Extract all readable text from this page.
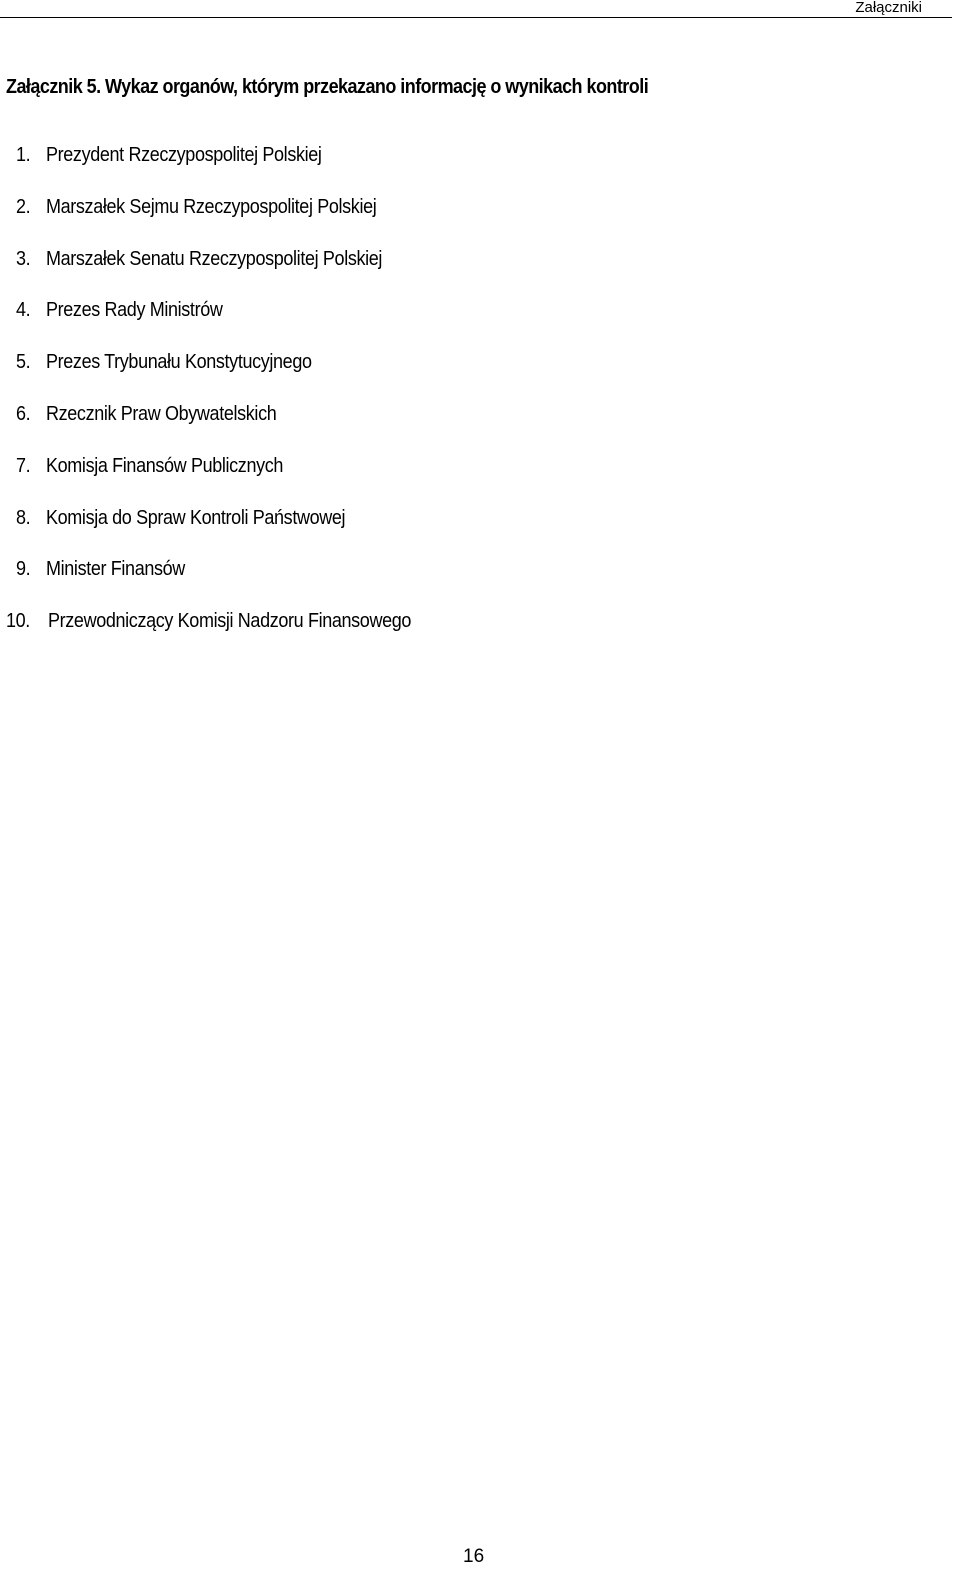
Załączniki
Załącznik 5. Wykaz organów, którym przekazano informację o wynikach kontroli
1. Prezydent Rzeczypospolitej Polskiej
2. Marszałek Sejmu Rzeczypospolitej Polskiej
3. Marszałek Senatu Rzeczypospolitej Polskiej
4. Prezes Rady Ministrów
5. Prezes Trybunału Konstytucyjnego
6. Rzecznik Praw Obywatelskich
7. Komisja Finansów Publicznych
8. Komisja do Spraw Kontroli Państwowej
9. Minister Finansów
10. Przewodniczący Komisji Nadzoru Finansowego
16
